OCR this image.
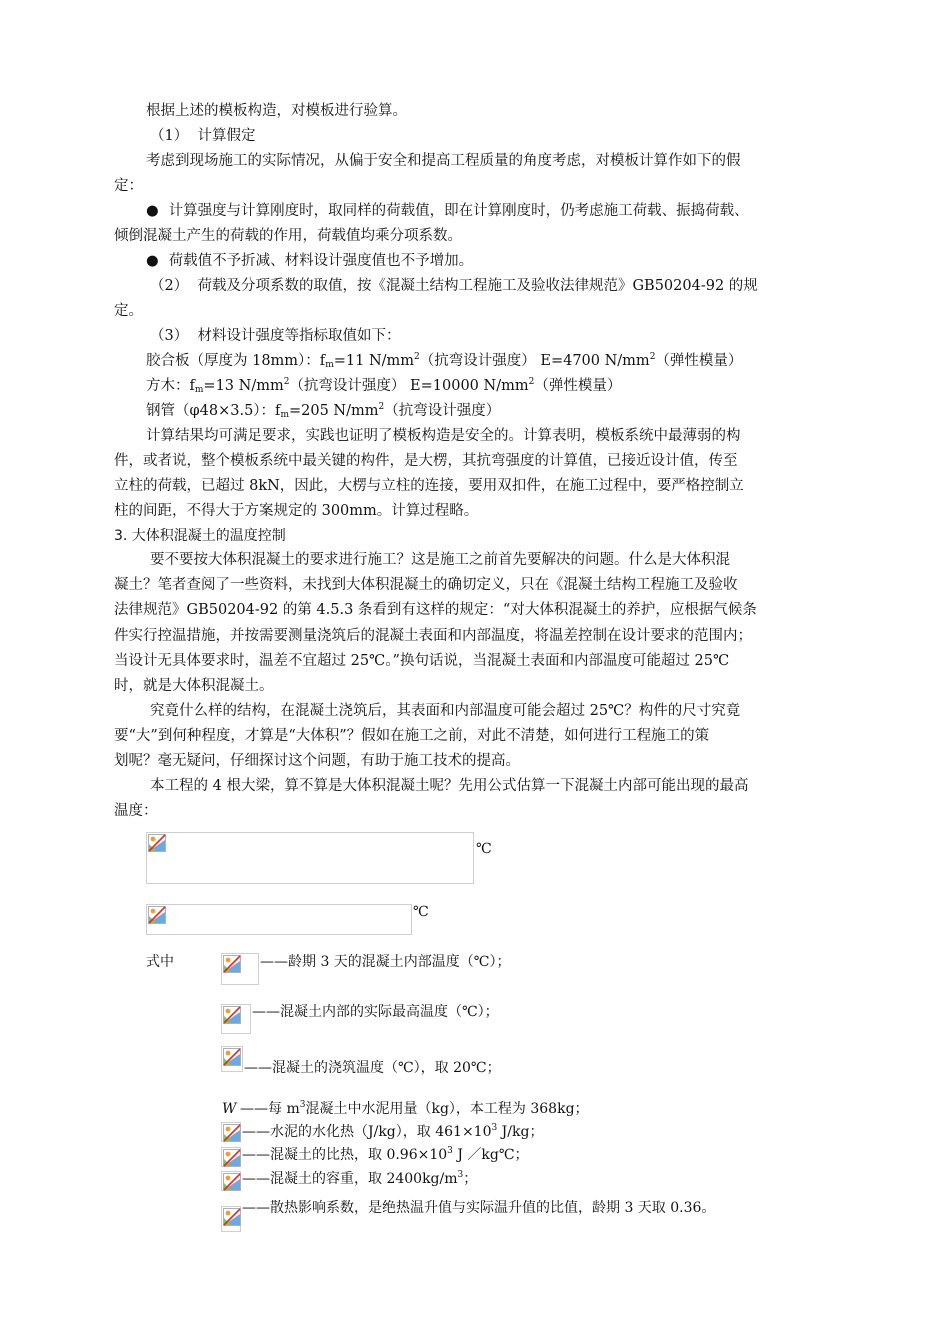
根据上述的模板构造，对模板进行验算。
（1） 计算假定
考虑到现场施工的实际情况，从偏于安全和提高工程质量的角度考虑，对模板计算作如下的假
定：
● 计算强度与计算刚度时，取同样的荷载值，即在计算刚度时，仍考虑施工荷载、振捣荷载、
倾倒混凝土产生的荷载的作用，荷载值均乘分项系数。
● 荷载值不予折减、材料设计强度值也不予增加。
（2） 荷载及分项系数的取值，按《混凝土结构工程施工及验收法律规范》GB50204-92 的规
定。
（3） 材料设计强度等指标取值如下：
胶合板（厚度为 18mm）：$f_m=11$ $N/mm^2$（抗弯设计强度） E=4700 $N/mm^2$（弹性模量）
方木：$f_m=13$ $N/mm^2$（抗弯设计强度） E=10000 $N/mm^2$（弹性模量）
钢管（φ48×3.5）：$f_m=205$ $N/mm^2$（抗弯设计强度）
计算结果均可满足要求，实践也证明了模板构造是安全的。计算表明，模板系统中最薄弱的构
件，或者说，整个模板系统中最关键的构件，是大楞，其抗弯强度的计算值，已接近设计值，传至
立柱的荷载，已超过 8kN，因此，大楞与立柱的连接，要用双扣件，在施工过程中，要严格控制立
柱的间距，不得大于方案规定的 300mm。计算过程略。
3. 大体积混凝土的温度控制
要不要按大体积混凝土的要求进行施工？这是施工之前首先要解决的问题。什么是大体积混
凝土？笔者查阅了一些资料，未找到大体积混凝土的确切定义，只在《混凝土结构工程施工及验收
法律规范》GB50204-92 的第 4.5.3 条看到有这样的规定：“对大体积混凝土的养护，应根据气候条
件实行控温措施，并按需要测量浇筑后的混凝土表面和内部温度，将温差控制在设计要求的范围内；
当设计无具体要求时，温差不宜超过 25℃。”换句话说，当混凝土表面和内部温度可能超过 25℃
时，就是大体积混凝土。
究竟什么样的结构，在混凝土浇筑后，其表面和内部温度可能会超过 25℃？构件的尺寸究竟
要“大”到何种程度，才算是“大体积”？假如在施工之前，对此不清楚，如何进行工程施工的策
划呢？毫无疑问，仔细探讨这个问题，有助于施工技术的提高。
本工程的 4 根大梁，算不算是大体积混凝土呢？先用公式估算一下混凝土内部可能出现的最高
温度：
℃
℃
式中	——龄期 3 天的混凝土内部温度（℃）；
——混凝土内部的实际最高温度（℃）；
——混凝土的浇筑温度（℃），取 20℃；
W ——每 $m^3$混凝土中水泥用量（kg），本工程为 368kg；
——水泥的水化热（J/kg），取 $461\times 10^3$ J/kg；
——混凝土的比热，取 $0.96\times 10^3$ J ／kg℃；
——混凝土的容重，取 $2400kg/m^3$；
——散热影响系数，是绝热温升值与实际温升值的比值，龄期 3 天取 0.36。
